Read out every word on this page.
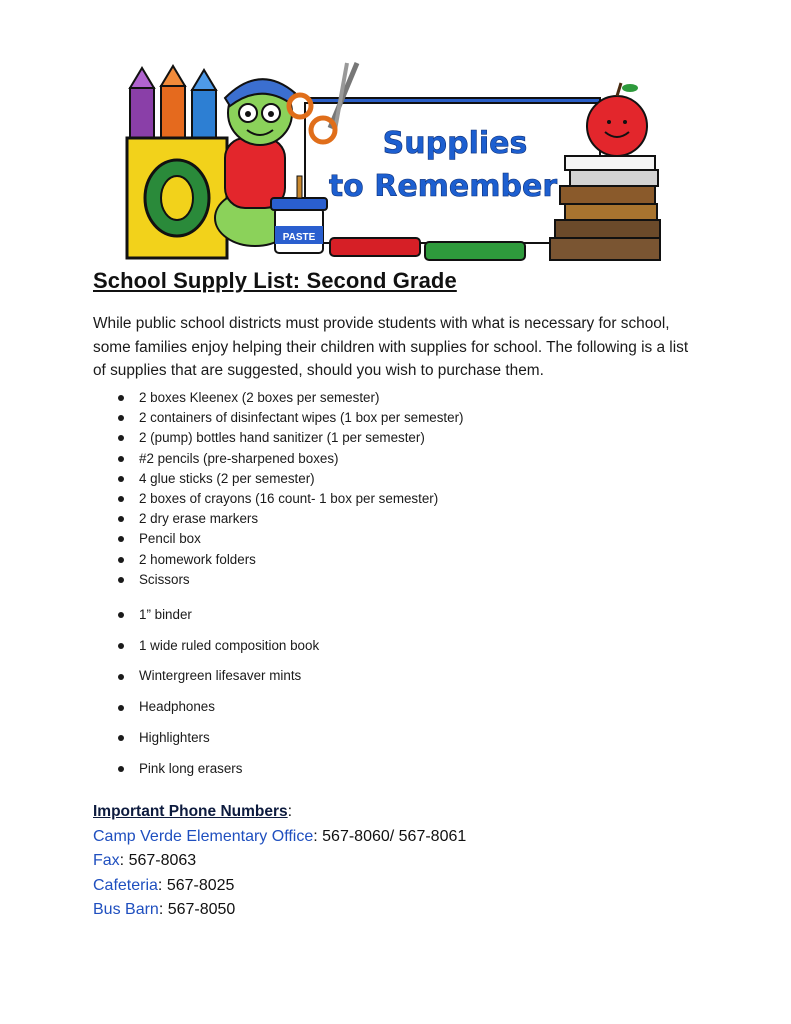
PASTE
Supplies
to Remember
School Supply List: Second Grade
While public school districts must provide students with what is necessary for school, some families enjoy helping their children with supplies for school. The following is a list of supplies that are suggested, should you wish to purchase them.
2 boxes Kleenex (2 boxes per semester)
2 containers of disinfectant wipes (1 box per semester)
2 (pump) bottles hand sanitizer (1 per semester)
#2 pencils (pre-sharpened boxes)
4 glue sticks (2 per semester)
2 boxes of crayons (16 count- 1 box per semester)
2 dry erase markers
Pencil box
2 homework folders
Scissors
1” binder
1 wide ruled composition book
Wintergreen lifesaver mints
Headphones
Highlighters
Pink long erasers
Important Phone Numbers:
Camp Verde Elementary Office: 567-8060/ 567-8061
Fax: 567-8063
Cafeteria: 567-8025
Bus Barn: 567-8050
